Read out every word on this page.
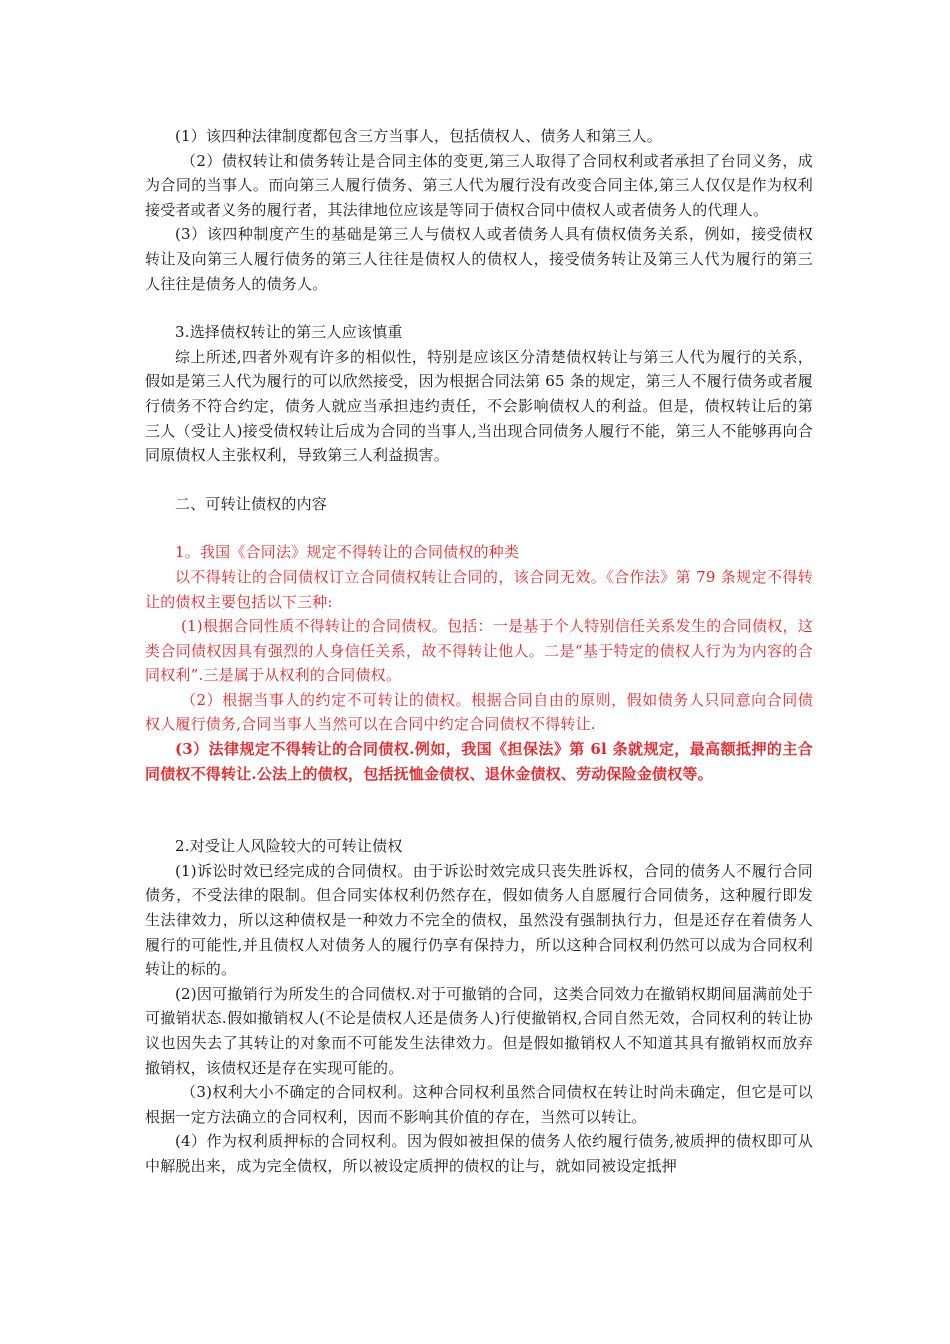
(1）该四种法律制度都包含三方当事人，包括债权人、债务人和第三人。

（2）债权转让和债务转让是合同主体的变更,第三人取得了合同权利或者承担了台同义务，成为合同的当事人。而向第三人履行债务、第三人代为履行没有改变合同主体,第三人仅仅是作为权利接受者或者义务的履行者，其法律地位应该是等同于债权合同中债权人或者债务人的代理人。

(3）该四种制度产生的基础是第三人与债权人或者债务人具有债权债务关系，例如，接受债权转让及向第三人履行债务的第三人往往是债权人的债权人，接受债务转让及第三人代为履行的第三人往往是债务人的债务人。

3.选择债权转让的第三人应该慎重

综上所述,四者外观有许多的相似性，特别是应该区分清楚债权转让与第三人代为履行的关系，假如是第三人代为履行的可以欣然接受，因为根据合同法第 65 条的规定，第三人不履行债务或者履行债务不符合约定，债务人就应当承担违约责任，不会影响债权人的利益。但是，债权转让后的第三人（受让人)接受债权转让后成为合同的当事人,当出现合同债务人履行不能，第三人不能够再向合同原债权人主张权利，导致第三人利益损害。

二、可转让债权的内容

1。我国《合同法》规定不得转让的合同债权的种类

以不得转让的合同债权订立合同债权转让合同的，该合同无效。《合作法》第 79 条规定不得转让的债权主要包括以下三种:

(1)根据合同性质不得转让的合同债权。包括：一是基于个人特别信任关系发生的合同债权，这类合同债权因具有强烈的人身信任关系，故不得转让他人。二是“基于特定的债权人行为为内容的合同权利”.三是属于从权利的合同债权。

（2）根据当事人的约定不可转让的债权。根据合同自由的原则，假如债务人只同意向合同债权人履行债务,合同当事人当然可以在合同中约定合同债权不得转让.

(3）法律规定不得转让的合同债权.例如，我国《担保法》第 6l 条就规定，最高额抵押的主合同债权不得转让.公法上的债权，包括抚恤金债权、退休金债权、劳动保险金债权等。

2.对受让人风险较大的可转让债权

(1)诉讼时效已经完成的合同债权。由于诉讼时效完成只丧失胜诉权，合同的债务人不履行合同债务，不受法律的限制。但合同实体权利仍然存在，假如债务人自愿履行合同债务，这种履行即发生法律效力，所以这种债权是一种效力不完全的债权，虽然没有强制执行力，但是还存在着债务人履行的可能性,并且债权人对债务人的履行仍享有保持力，所以这种合同权利仍然可以成为合同权利转让的标的。

(2)因可撤销行为所发生的合同债权.对于可撤销的合同，这类合同效力在撤销权期间届满前处于可撤销状态.假如撤销权人(不论是债权人还是债务人)行使撤销权,合同自然无效，合同权利的转让协议也因失去了其转让的对象而不可能发生法律效力。但是假如撤销权人不知道其具有撤销权而放弃撤销权，该债权还是存在实现可能的。

（3)权利大小不确定的合同权利。这种合同权利虽然合同债权在转让时尚未确定，但它是可以根据一定方法确立的合同权利，因而不影响其价值的存在，当然可以转让。

(4）作为权利质押标的合同权利。因为假如被担保的债务人依约履行债务,被质押的债权即可从中解脱出来，成为完全债权，所以被设定质押的债权的让与，就如同被设定抵押
